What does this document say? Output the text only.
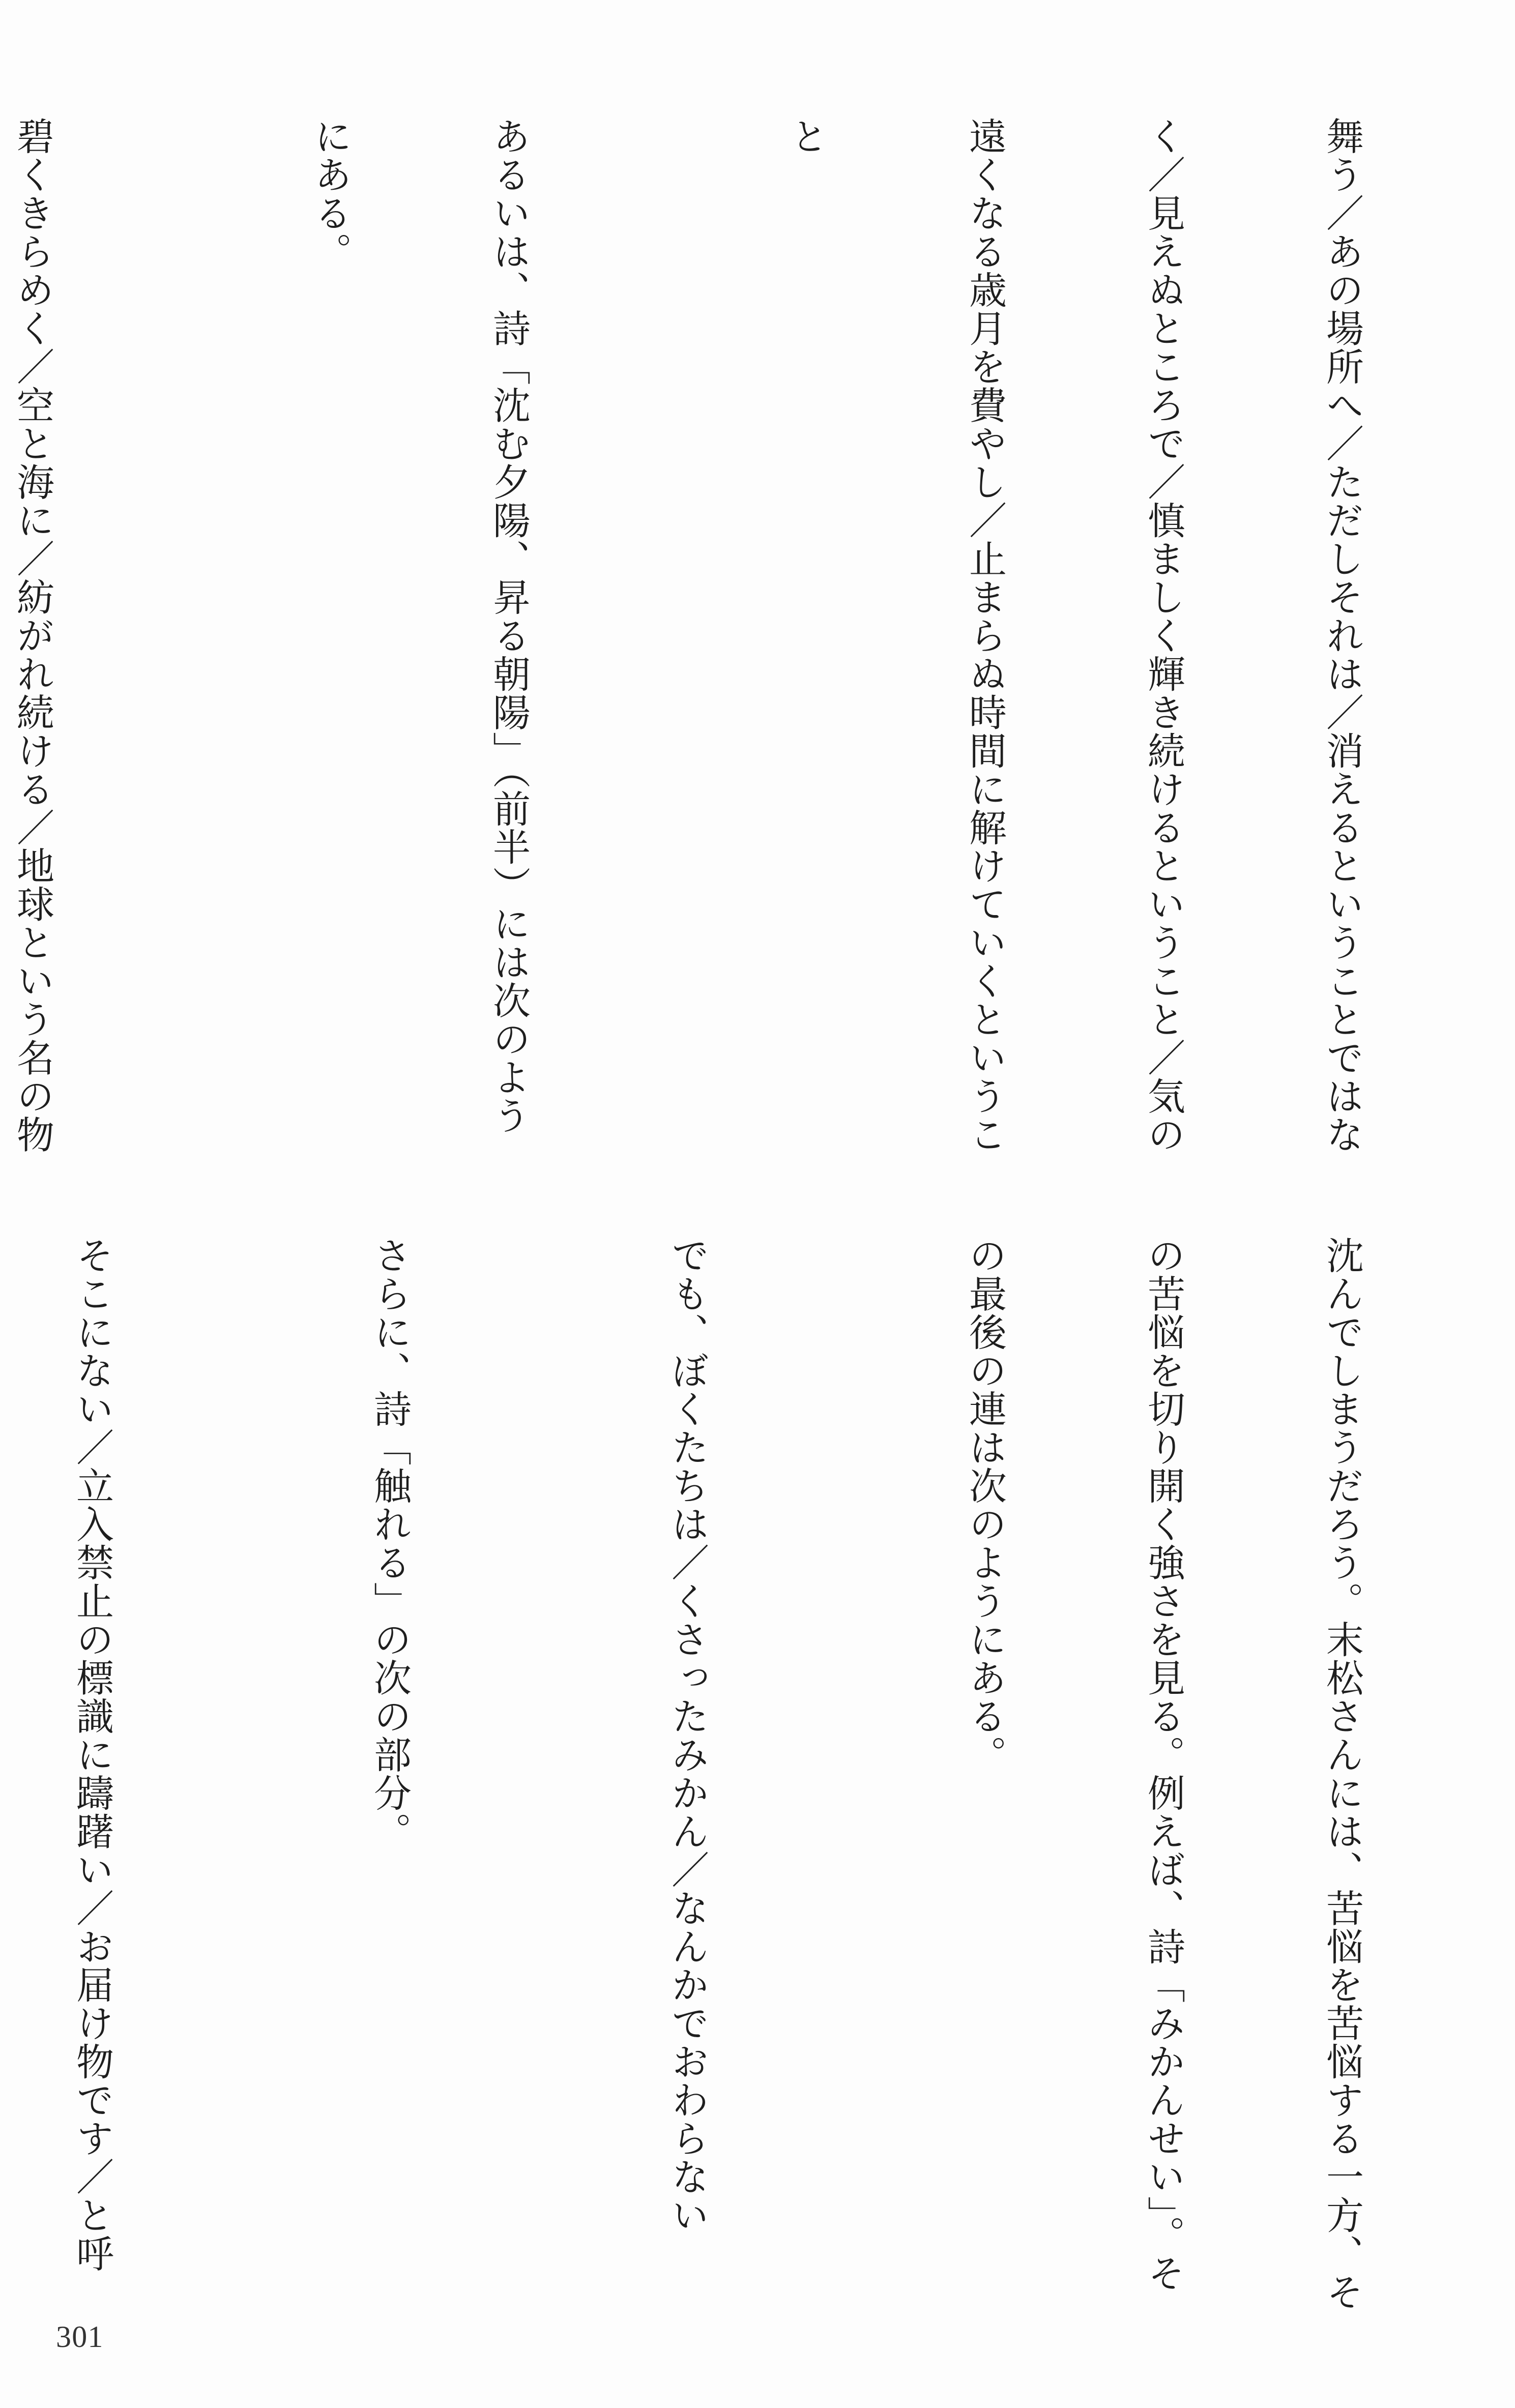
舞う／あの場所へ／ただしそれは／消えるということではな

く／見えぬところで／慎ましく輝き続けるということ／気の

遠くなる歳月を費やし／止まらぬ時間に解けていくというこ

と

あるいは、詩「沈む夕陽、昇る朝陽」（前半）には次のよう

にある。

碧くきらめく／空と海に／紡がれ続ける／地球という名の物

沈んでしまうだろう。末松さんには、苦悩を苦悩する一方、そ

の苦悩を切り開く強さを見る。例えば、詩「みかんせい」。そ

の最後の連は次のようにある。

でも、ぼくたちは／くさったみかん／なんかでおわらない

さらに、詩「触れる」の次の部分。

そこにない／立入禁止の標識に躊躇い／お届け物です／と呼

301
